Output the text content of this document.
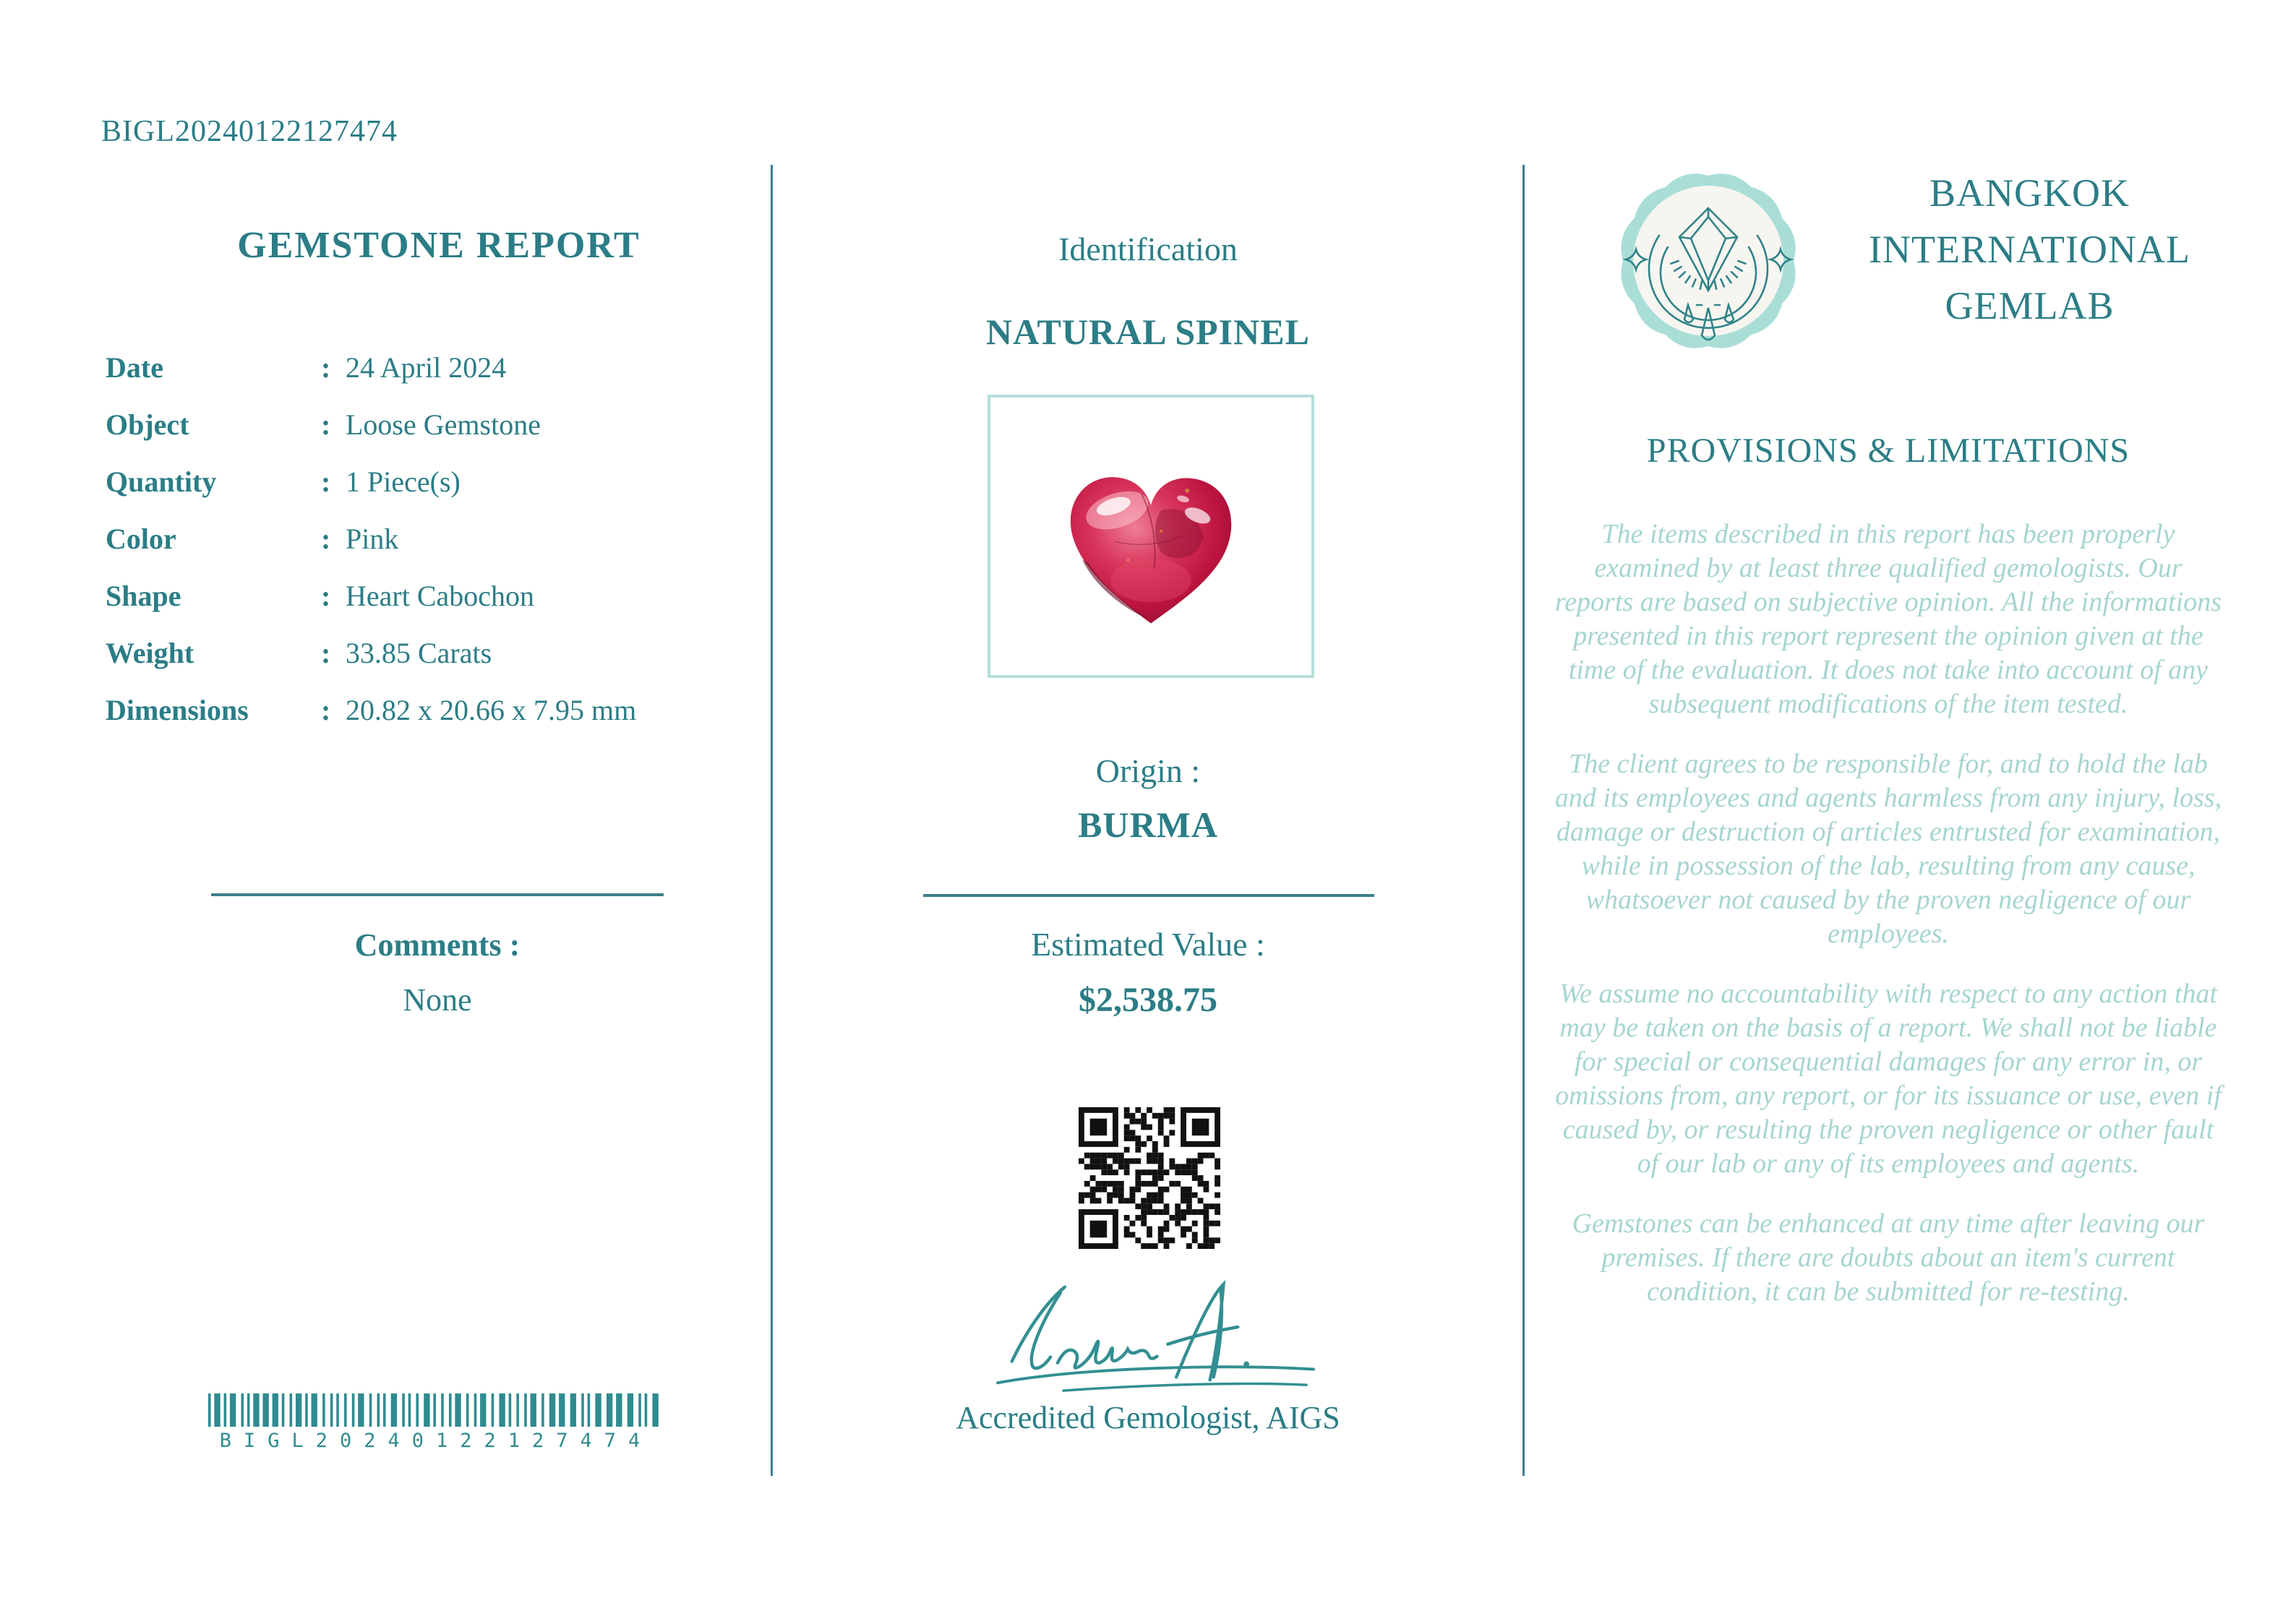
BIGL20240122127474
GEMSTONE REPORT
Date	: 24 April 2024
Object	: Loose Gemstone
Quantity	: 1 Piece(s)
Color	: Pink
Shape	: Heart Cabochon
Weight	: 33.85 Carats
Dimensions	: 20.82 x 20.66 x 7.95 mm
Comments :
None
BIGL20240122127474
Identification
NATURAL SPINEL
Origin :
BURMA
Estimated Value :
$2,538.75
Accredited Gemologist, AIGS
BANGKOK
INTERNATIONAL
GEMLAB
PROVISIONS & LIMITATIONS

The items described in this report has been properly examined by at least three qualified gemologists. Our reports are based on subjective opinion. All the informations presented in this report represent the opinion given at the time of the evaluation. It does not take into account of any subsequent modifications of the item tested.

The client agrees to be responsible for, and to hold the lab and its employees and agents harmless from any injury, loss, damage or destruction of articles entrusted for examination, while in possession of the lab, resulting from any cause, whatsoever not caused by the proven negligence of our employees.

We assume no accountability with respect to any action that may be taken on the basis of a report. We shall not be liable for special or consequential damages for any error in, or omissions from, any report, or for its issuance or use, even if caused by, or resulting the proven negligence or other fault of our lab or any of its employees and agents.

Gemstones can be enhanced at any time after leaving our premises. If there are doubts about an item's current condition, it can be submitted for re-testing.
